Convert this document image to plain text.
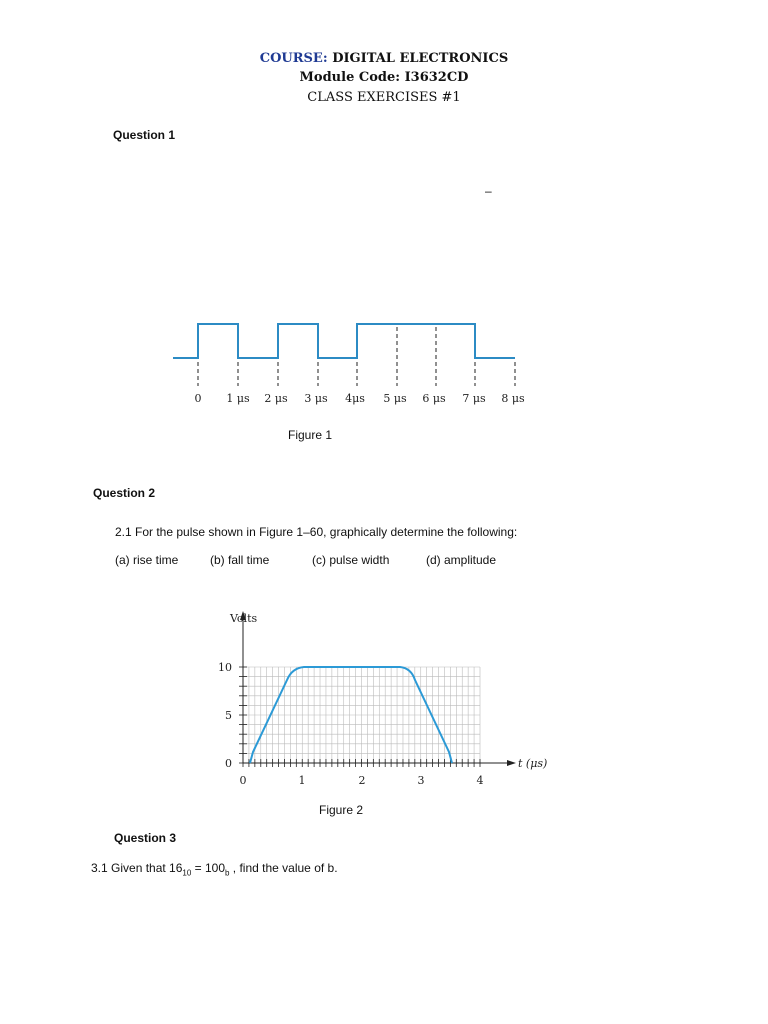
COURSE: DIGITAL ELECTRONICS
Module Code: I3632CD
CLASS EXERCISES #1
Question 1
–
0 1 μs 2 μs 3 μs 4μs 5 μs 6 μs 7 μs 8 μs
Figure 1
Question 2
2.1 For the pulse shown in Figure 1–60, graphically determine the following:
(a) rise time	(b) fall time	(c) pulse width	(d) amplitude
Volts
10
5
0
0	1	2	3	4
t (μs)
Figure 2
Question 3
3.1 Given that $16_{10} = 100_b$ , find the value of b.
